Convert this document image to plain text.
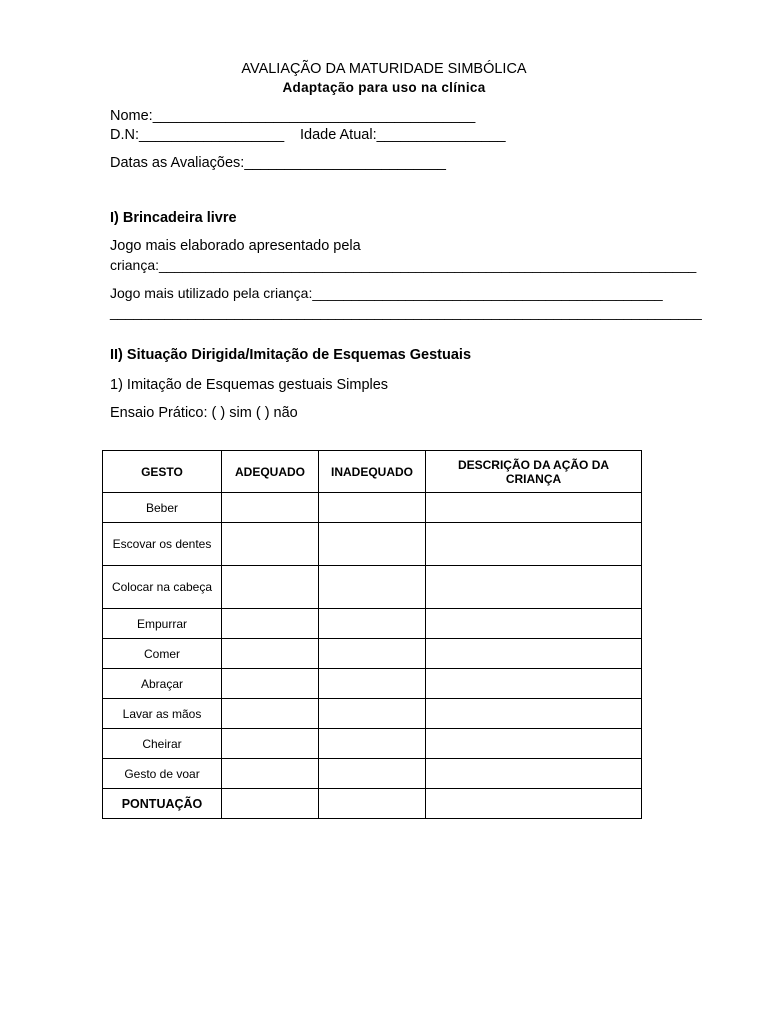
AVALIAÇÃO DA MATURIDADE SIMBÓLICA
Adaptação para uso na clínica
Nome:________________________________________
D.N:__________________ Idade Atual:________________
Datas as Avaliações:_________________________
I) Brincadeira livre
Jogo mais elaborado apresentado pela
criança:_____________________________________________________________________
Jogo mais utilizado pela criança:_____________________________________________
____________________________________________________________________________
II) Situação Dirigida/Imitação de Esquemas Gestuais
1) Imitação de Esquemas gestuais Simples
Ensaio Prático: ( ) sim ( ) não
GESTO	ADEQUADO	INADEQUADO	DESCRIÇÃO DA AÇÃO DA CRIANÇA
Beber			
Escovar os dentes			
Colocar na cabeça			
Empurrar			
Comer			
Abraçar			
Lavar as mãos			
Cheirar			
Gesto de voar			
PONTUAÇÃO			
